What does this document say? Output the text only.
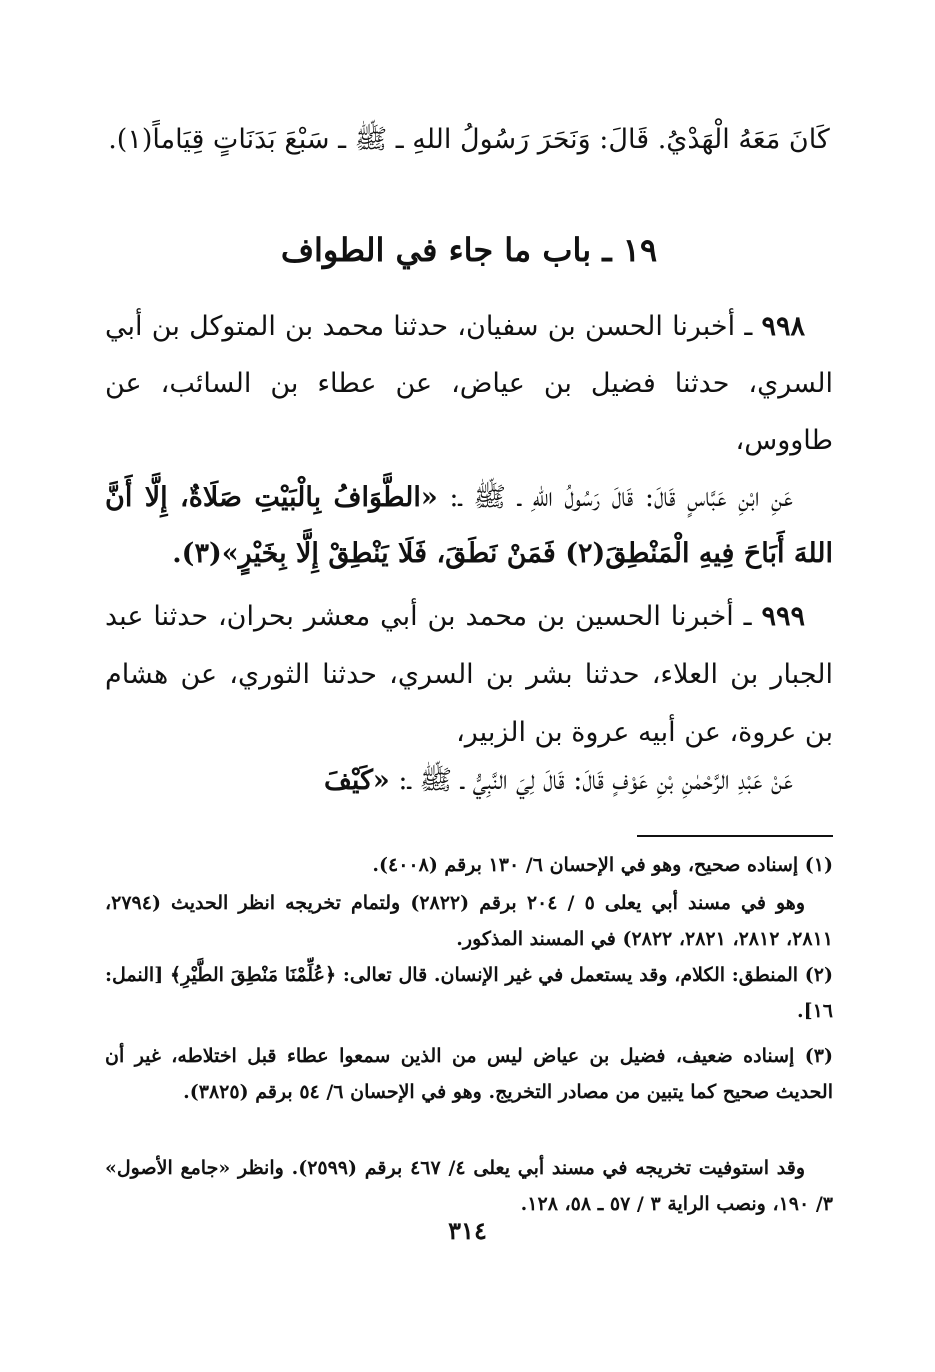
كَانَ مَعَهُ الْهَدْيُ. قَالَ: وَنَحَرَ رَسُولُ اللهِ ـ ﷺ ـ سَبْعَ بَدَنَاتٍ قِيَاماً(١).
١٩ ـ باب ما جاء في الطواف
٩٩٨ ـ أخبرنا الحسن بن سفيان، حدثنا محمد بن المتوكل بن أبي السري، حدثنا فضيل بن عياض، عن عطاء بن السائب، عن طاووس،
عَنِ ابْنِ عَبَّاسٍ قَالَ: قَالَ رَسُولُ اللهِ ـ ﷺ ـ: «الطَّوَافُ بِالْبَيْتِ صَلَاةٌ، إِلَّا أَنَّ اللهَ أَبَاحَ فِيهِ الْمَنْطِقَ(٢) فَمَنْ نَطَقَ، فَلَا يَنْطِقْ إِلَّا بِخَيْرٍ»(٣).
٩٩٩ ـ أخبرنا الحسين بن محمد بن أبي معشر بحران، حدثنا عبد الجبار بن العلاء، حدثنا بشر بن السري، حدثنا الثوري، عن هشام بن عروة، عن أبيه عروة بن الزبير،
عَنْ عَبْدِ الرَّحْمٰنِ بْنِ عَوْفٍ قَالَ: قَالَ لِيَ النَّبِيُّ ـ ﷺ ـ: «كَيْفَ
(١) إسناده صحيح، وهو في الإحسان ٦/ ١٣٠ برقم (٤٠٠٨).
وهو في مسند أبي يعلى ٥ / ٢٠٤ برقم (٢٨٢٢) ولتمام تخريجه انظر الحديث (٢٧٩٤، ٢٨١١، ٢٨١٢، ٢٨٢١، ٢٨٢٢) في المسند المذكور.
(٢) المنطق: الكلام، وقد يستعمل في غير الإنسان. قال تعالى: ﴿عُلِّمْنَا مَنْطِقَ الطَّيْرِ﴾ [النمل: ١٦].
(٣) إسناده ضعيف، فضيل بن عياض ليس من الذين سمعوا عطاء قبل اختلاطه، غير أن الحديث صحيح كما يتبين من مصادر التخريج. وهو في الإحسان ٦/ ٥٤ برقم (٣٨٢٥).
وقد استوفيت تخريجه في مسند أبي يعلى ٤/ ٤٦٧ برقم (٢٥٩٩). وانظر «جامع الأصول» ٣/ ١٩٠، ونصب الراية ٣ / ٥٧ ـ ٥٨، ١٢٨.
٣١٤
